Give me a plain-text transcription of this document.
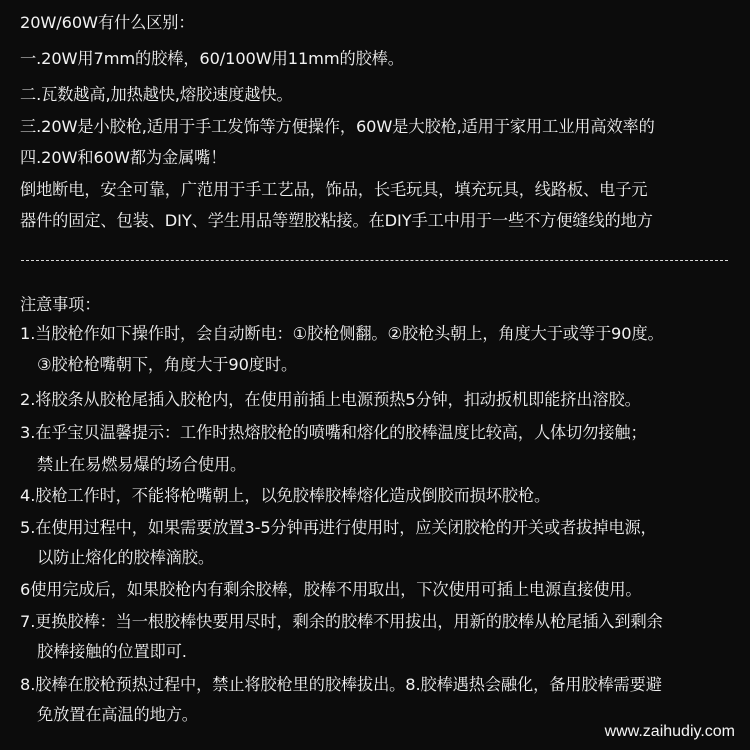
20W/60W有什么区别：
一.20W用7mm的胶棒，60/100W用11mm的胶棒。
二.瓦数越高,加热越快,熔胶速度越快。
三.20W是小胶枪,适用于手工发饰等方便操作，60W是大胶枪,适用于家用工业用高效率的
四.20W和60W都为金属嘴！
倒地断电，安全可靠，广范用于手工艺品，饰品，长毛玩具，填充玩具，线路板、电子元
器件的固定、包装、DIY、学生用品等塑胶粘接。在DIY手工中用于一些不方便缝线的地方
注意事项：
1.当胶枪作如下操作时，会自动断电：①胶枪侧翻。②胶枪头朝上，角度大于或等于90度。
③胶枪枪嘴朝下，角度大于90度时。
2.将胶条从胶枪尾插入胶枪内，在使用前插上电源预热5分钟，扣动扳机即能挤出溶胶。
3.在乎宝贝温馨提示：工作时热熔胶枪的喷嘴和熔化的胶棒温度比较高，人体切勿接触；
禁止在易燃易爆的场合使用。
4.胶枪工作时，不能将枪嘴朝上，以免胶棒胶棒熔化造成倒胶而损坏胶枪。
5.在使用过程中，如果需要放置3-5分钟再进行使用时，应关闭胶枪的开关或者拔掉电源，
以防止熔化的胶棒滴胶。
6使用完成后，如果胶枪内有剩余胶棒，胶棒不用取出，下次使用可插上电源直接使用。
7.更换胶棒：当一根胶棒快要用尽时，剩余的胶棒不用拔出，用新的胶棒从枪尾插入到剩余
胶棒接触的位置即可.
8.胶棒在胶枪预热过程中，禁止将胶枪里的胶棒拔出。8.胶棒遇热会融化，备用胶棒需要避
免放置在高温的地方。
www.zaihudiy.com
